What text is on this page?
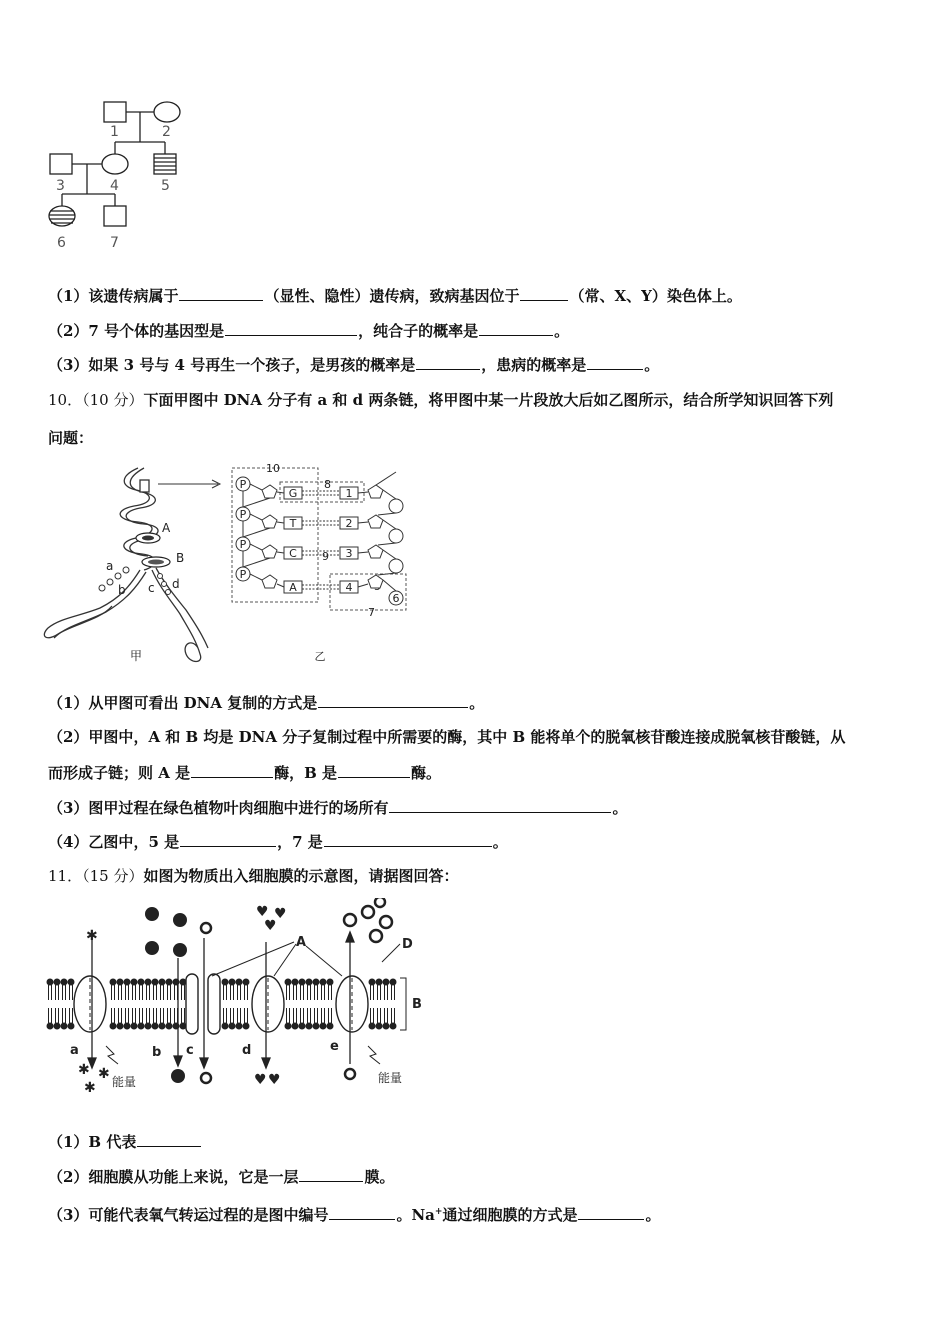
1	2
3	4	5
6	7
（1）该遗传病属于	（显性、隐性）遗传病，致病基因位于	（常、X、Y）染色体上。
（2）7 号个体的基因型是	，纯合子的概率是	。
（3）如果 3 号与 4 号再生一个孩子，是男孩的概率是	，患病的概率是	。
10．（10 分）下面甲图中 DNA 分子有 a 和 d 两条链，将甲图中某一片段放大后如乙图所示，结合所学知识回答下列
问题：
A
B
a
b c d
甲
10
8
9
7
P
P
P
P
G
T
C
A
1
2
3
4
6
乙
（1）从甲图可看出 DNA 复制的方式是	。
（2）甲图中，A 和 B 均是 DNA 分子复制过程中所需要的酶，其中 B 能将单个的脱氧核苷酸连接成脱氧核苷酸链，从
而形成子链；则 A 是	酶，B 是	酶。
（3）图甲过程在绿色植物叶肉细胞中进行的场所有	。
（4）乙图中，5 是	，7 是	。
11．（15 分）如图为物质出入细胞膜的示意图，请据图回答：
✱
♥ ♥
♥
✱ ✱
✱	♥ ♥
A
B
D
a	b c	d	e
能量	能量
（1）B 代表
（2）细胞膜从功能上来说，它是一层	膜。
（3）可能代表氧气转运过程的是图中编号	。Na+通过细胞膜的方式是	。
